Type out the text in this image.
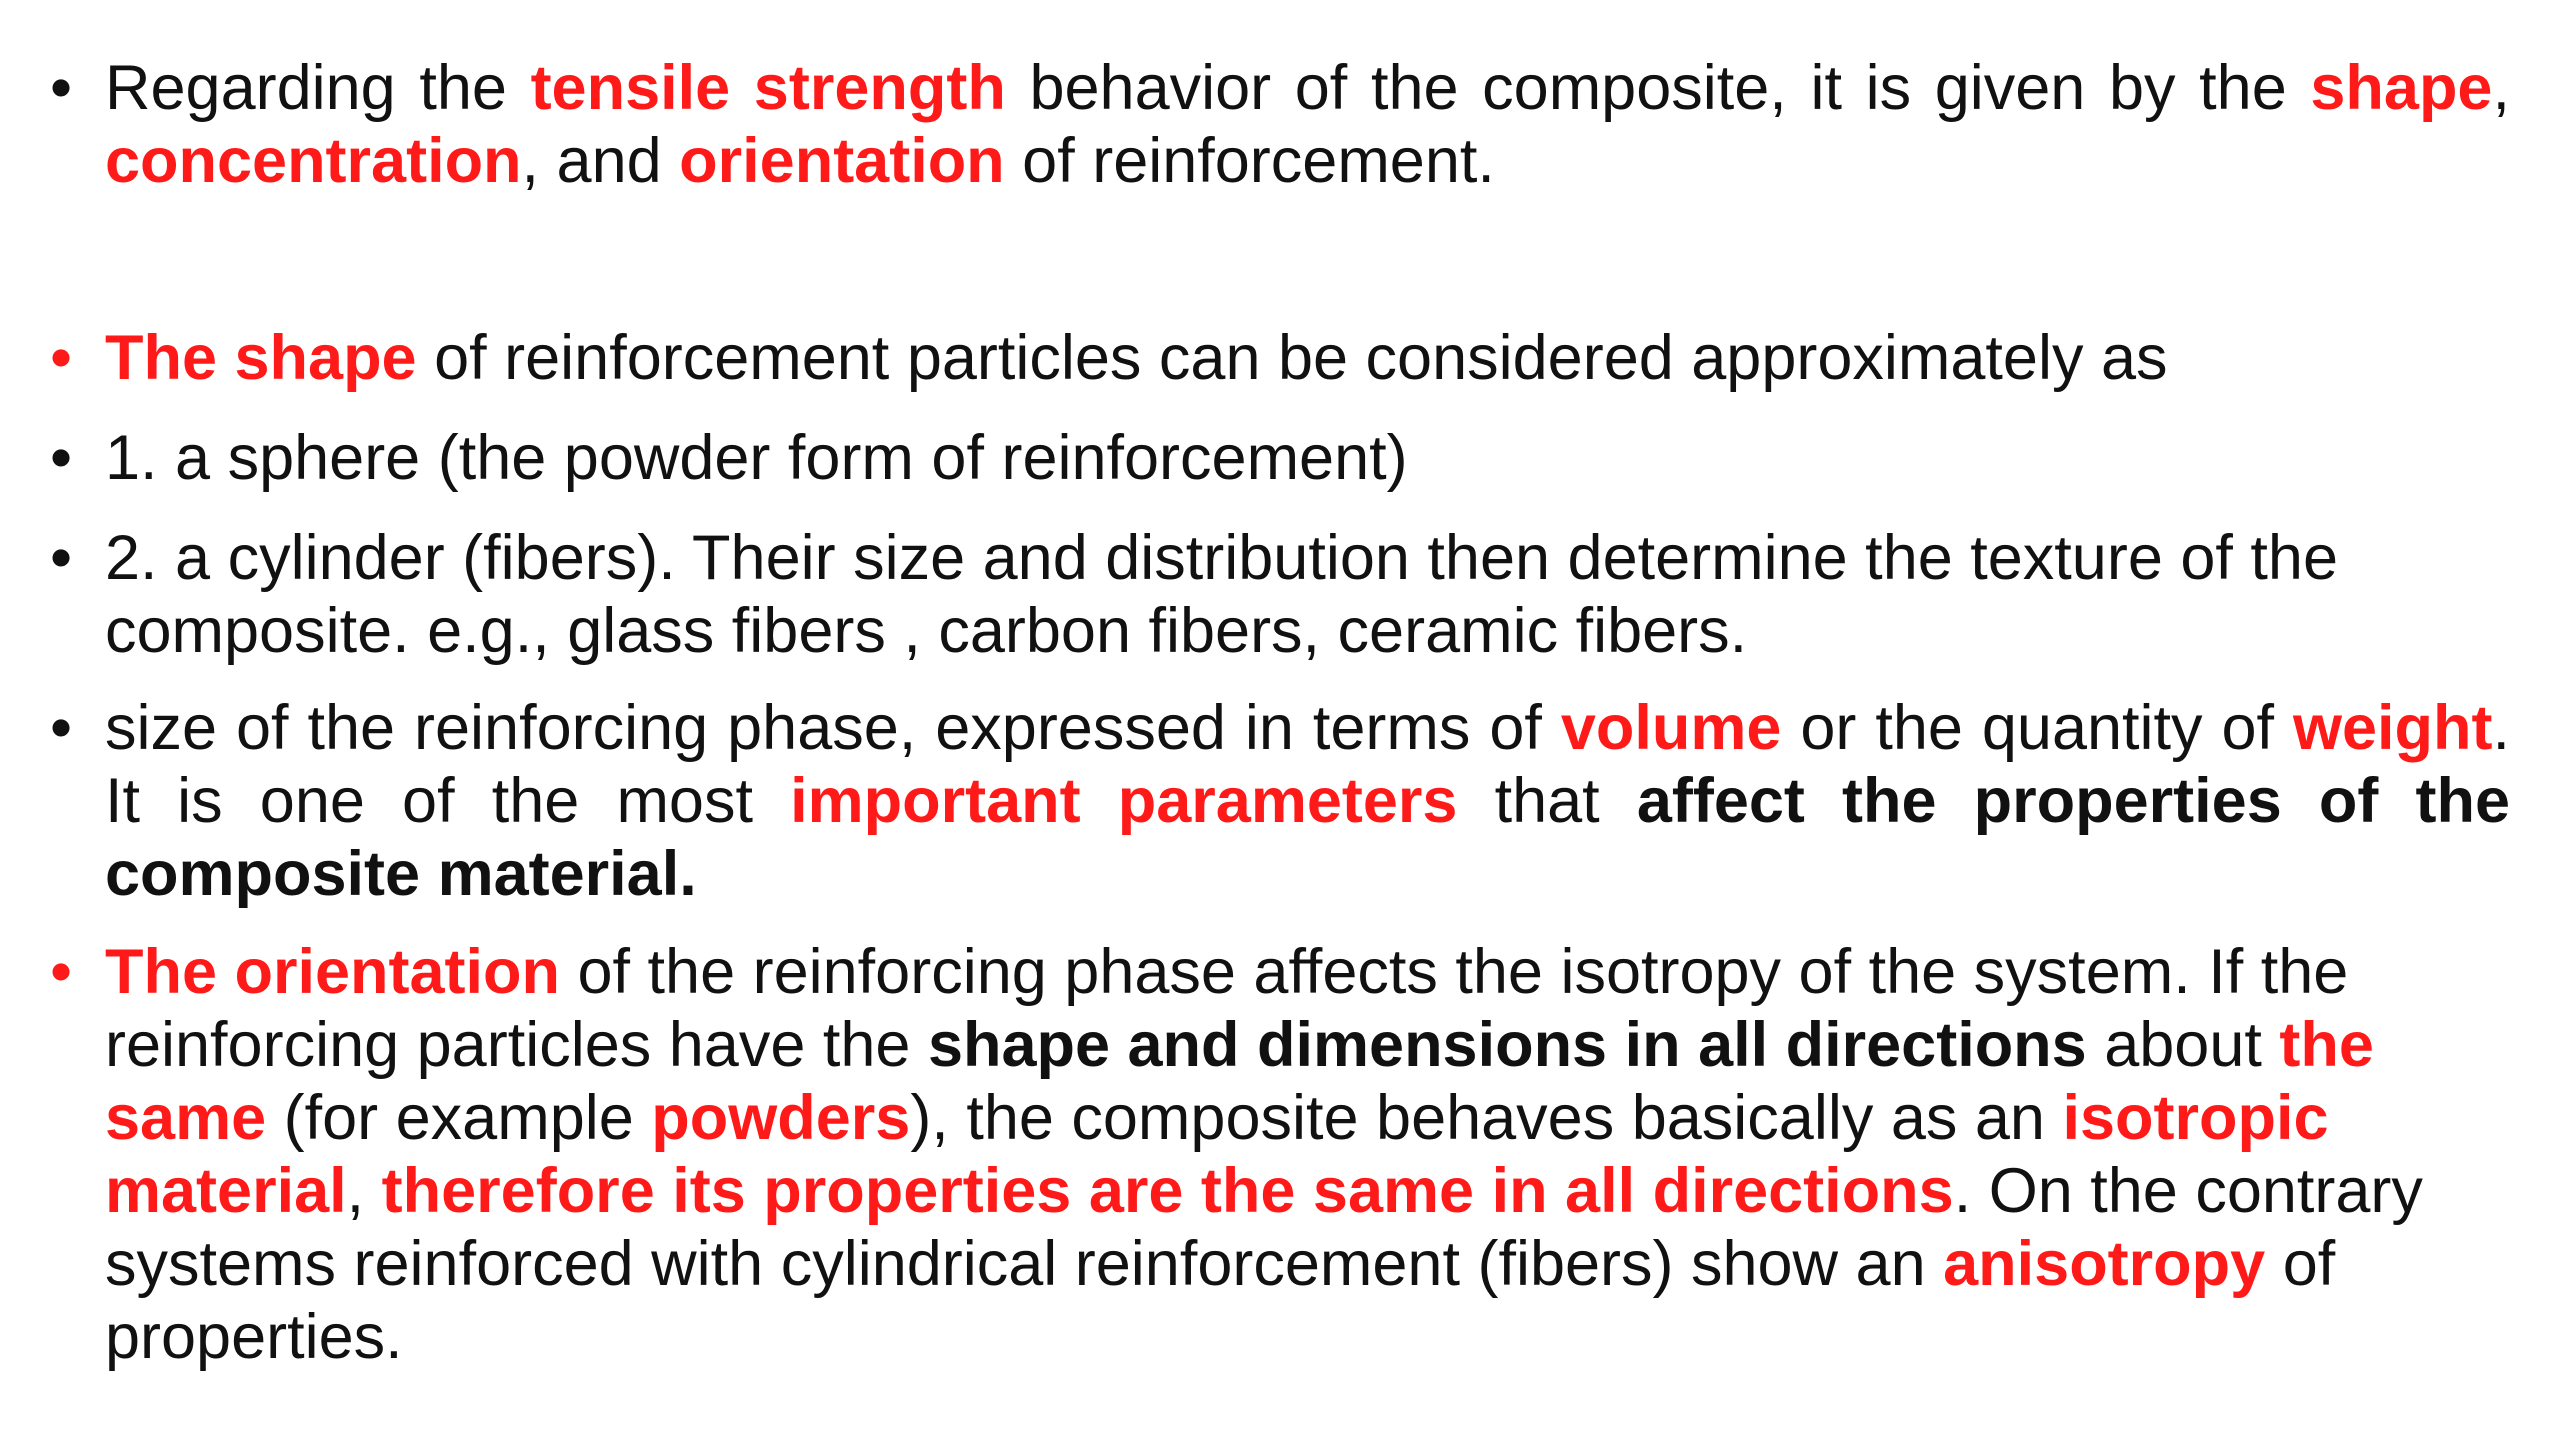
• Regarding the tensile strength behavior of the composite, it is given by the shape, concentration, and orientation of reinforcement.
• The shape of reinforcement particles can be considered approximately as
• 1. a sphere (the powder form of reinforcement)
• 2. a cylinder (fibers). Their size and distribution then determine the texture of the composite. e.g., glass fibers , carbon fibers, ceramic fibers.
• size of the reinforcing phase, expressed in terms of volume or the quantity of weight. It is one of the most important parameters that affect the properties of the composite material.
• The orientation of the reinforcing phase affects the isotropy of the system. If the reinforcing particles have the shape and dimensions in all directions about the same (for example powders), the composite behaves basically as an isotropic material, therefore its properties are the same in all directions. On the contrary systems reinforced with cylindrical reinforcement (fibers) show an anisotropy of properties.
